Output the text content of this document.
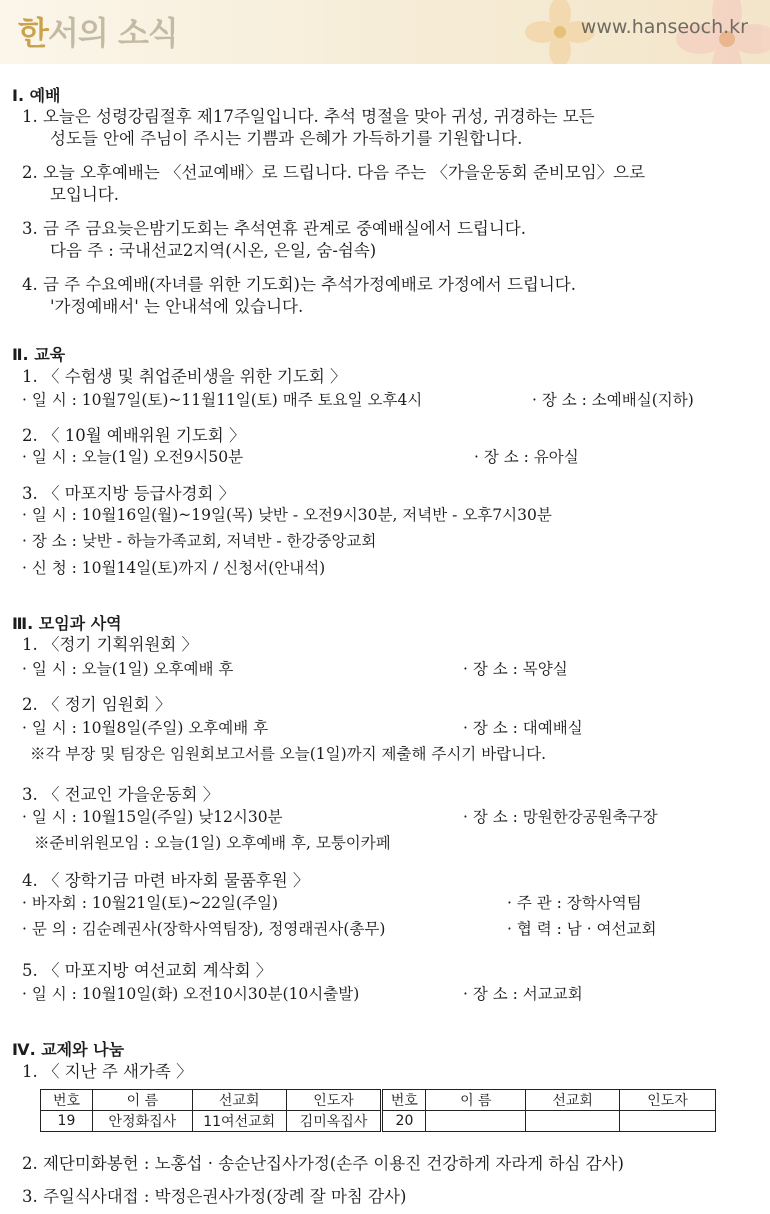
한서의 소식	www.hanseoch.kr
Ⅰ. 예배
1. 오늘은 성령강림절후 제17주일입니다. 추석 명절을 맞아 귀성, 귀경하는 모든
성도들 안에 주님이 주시는 기쁨과 은혜가 가득하기를 기원합니다.
2. 오늘 오후예배는 〈선교예배〉로 드립니다. 다음 주는 〈가을운동회 준비모임〉으로
모입니다.
3. 금 주 금요늦은밤기도회는 추석연휴 관계로 중예배실에서 드립니다.
다음 주 : 국내선교2지역(시온, 은일, 숨-쉼속)
4. 금 주 수요예배(자녀를 위한 기도회)는 추석가정예배로 가정에서 드립니다.
'가정예배서' 는 안내석에 있습니다.
Ⅱ. 교육
1. 〈 수험생 및 취업준비생을 위한 기도회 〉
· 일 시 : 10월7일(토)~11월11일(토) 매주 토요일 오후4시	· 장 소 : 소예배실(지하)
2. 〈 10월 예배위원 기도회 〉
· 일 시 : 오늘(1일) 오전9시50분	· 장 소 : 유아실
3. 〈 마포지방 등급사경회 〉
· 일 시 : 10월16일(월)~19일(목) 낮반 - 오전9시30분, 저녁반 - 오후7시30분
· 장 소 : 낮반 - 하늘가족교회, 저녁반 - 한강중앙교회
· 신 청 : 10월14일(토)까지 / 신청서(안내석)
Ⅲ. 모임과 사역
1. 〈정기 기획위원회 〉
· 일 시 : 오늘(1일) 오후예배 후	· 장 소 : 목양실
2. 〈 정기 임원회 〉
· 일 시 : 10월8일(주일) 오후예배 후	· 장 소 : 대예배실
※각 부장 및 팀장은 임원회보고서를 오늘(1일)까지 제출해 주시기 바랍니다.
3. 〈 전교인 가을운동회 〉
· 일 시 : 10월15일(주일) 낮12시30분	· 장 소 : 망원한강공원축구장
※준비위원모임 : 오늘(1일) 오후예배 후, 모퉁이카페
4. 〈 장학기금 마련 바자회 물품후원 〉
· 바자회 : 10월21일(토)~22일(주일)	· 주 관 : 장학사역팀
· 문 의 : 김순례권사(장학사역팀장), 정영래권사(총무)	· 협 력 : 남 · 여선교회
5. 〈 마포지방 여선교회 계삭회 〉
· 일 시 : 10월10일(화) 오전10시30분(10시출발)	· 장 소 : 서교교회
Ⅳ. 교제와 나눔
1. 〈 지난 주 새가족 〉
번호	이 름	선교회	인도자	번호	이 름	선교회	인도자
19	안정화집사	11여선교회	김미옥집사	20			
2. 제단미화봉헌 : 노홍섭 · 송순난집사가정(손주 이용진 건강하게 자라게 하심 감사)
3. 주일식사대접 : 박정은권사가정(장례 잘 마침 감사)
